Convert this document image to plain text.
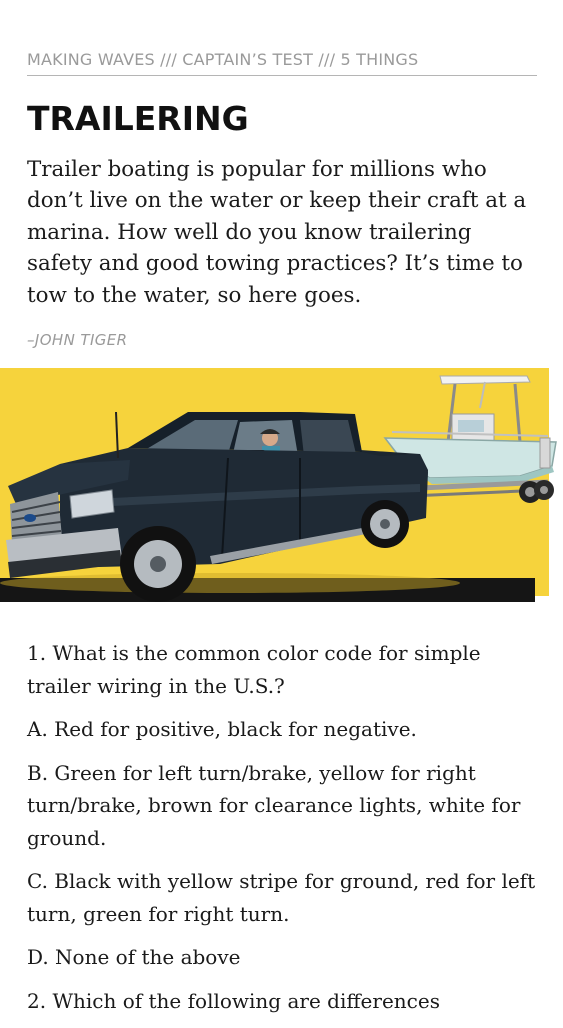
MAKING WAVES /// CAPTAIN’S TEST /// 5 THINGS
TRAILERING

Trailer boating is popular for millions who don’t live on the water or keep their craft at a marina. How well do you know trailering safety and good towing practices? It’s time to tow to the water, so here goes.

–JOHN TIGER

1. What is the common color code for simple trailer wiring in the U.S.?

A. Red for positive, black for negative.

B. Green for left turn/brake, yellow for right turn/brake, brown for clearance lights, white for ground.

C. Black with yellow stripe for ground, red for left turn, green for right turn.

D. None of the above

2. Which of the following are differences
